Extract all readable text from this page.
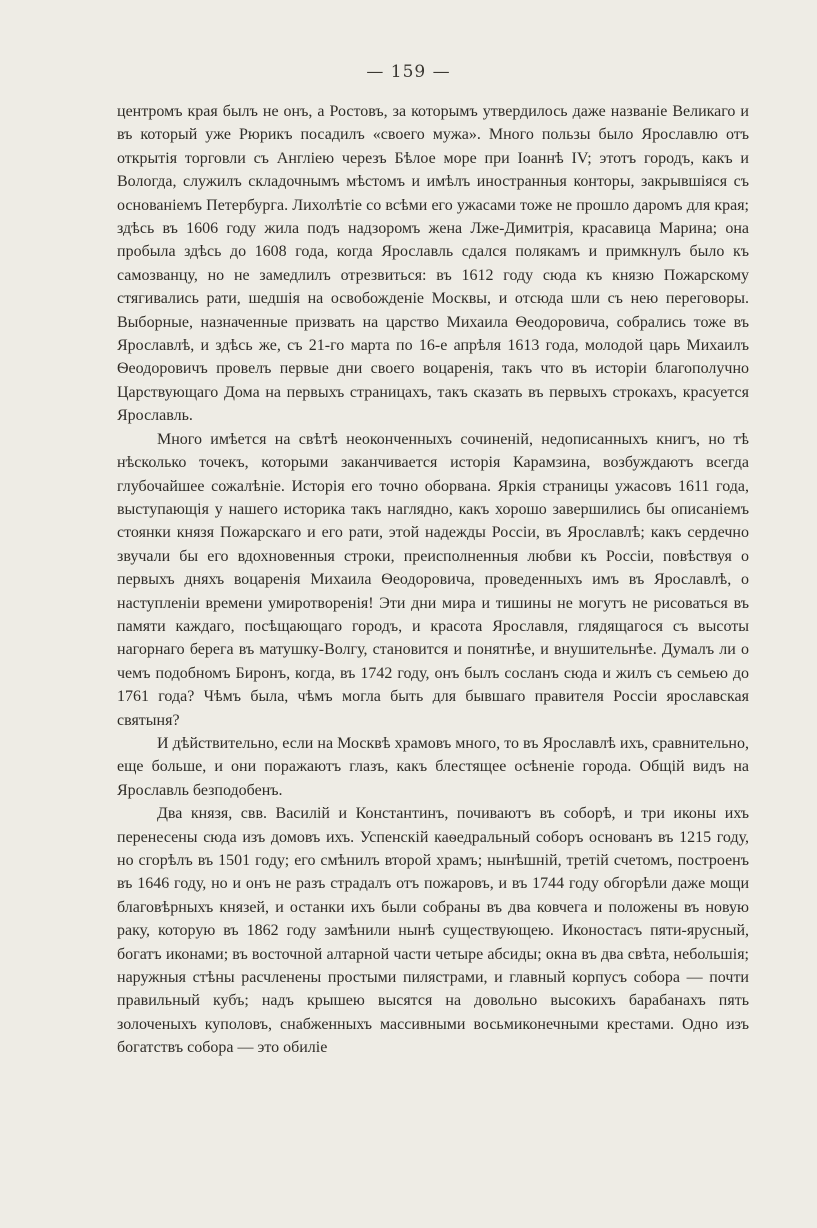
— 159 —

центромъ края былъ не онъ, а Ростовъ, за которымъ утвердилось даже названіе Великаго и въ который уже Рюрикъ посадилъ «своего мужа». Много пользы было Ярославлю отъ открытія торговли съ Англіею черезъ Бѣлое море при Іоаннѣ IV; этотъ городъ, какъ и Вологда, служилъ складочнымъ мѣстомъ и имѣлъ иностранныя конторы, закрывшіяся съ основаніемъ Петербурга. Лихолѣтіе со всѣми его ужасами тоже не прошло даромъ для края; здѣсь въ 1606 году жила подъ надзоромъ жена Лже-Димитрія, красавица Марина; она пробыла здѣсь до 1608 года, когда Ярославль сдался полякамъ и примкнулъ было къ самозванцу, но не замедлилъ отрезвиться: въ 1612 году сюда къ князю Пожарскому стягивались рати, шедшія на освобожденіе Москвы, и отсюда шли съ нею переговоры. Выборные, назначенные призвать на царство Михаила Ѳеодоровича, собрались тоже въ Ярославлѣ, и здѣсь же, съ 21-го марта по 16-е апрѣля 1613 года, молодой царь Михаилъ Ѳеодоровичъ провелъ первые дни своего воцаренія, такъ что въ исторіи благополучно Царствующаго Дома на первыхъ страницахъ, такъ сказать въ первыхъ строкахъ, красуется Ярославль.

Много имѣется на свѣтѣ неоконченныхъ сочиненій, недописанныхъ книгъ, но тѣ нѣсколько точекъ, которыми заканчивается исторія Карамзина, возбуждаютъ всегда глубочайшее сожалѣніе. Исторія его точно оборвана. Яркія страницы ужасовъ 1611 года, выступающія у нашего историка такъ наглядно, какъ хорошо завершились бы описаніемъ стоянки князя Пожарскаго и его рати, этой надежды Россіи, въ Ярославлѣ; какъ сердечно звучали бы его вдохновенныя строки, преисполненныя любви къ Россіи, повѣствуя о первыхъ дняхъ воцаренія Михаила Ѳеодоровича, проведенныхъ имъ въ Ярославлѣ, о наступленіи времени умиротворенія! Эти дни мира и тишины не могутъ не рисоваться въ памяти каждаго, посѣщающаго городъ, и красота Ярославля, глядящагося съ высоты нагорнаго берега въ матушку-Волгу, становится и понятнѣе, и внушительнѣе. Думалъ ли о чемъ подобномъ Биронъ, когда, въ 1742 году, онъ былъ сосланъ сюда и жилъ съ семьею до 1761 года? Чѣмъ была, чѣмъ могла быть для бывшаго правителя Россіи ярославская святыня?

И дѣйствительно, если на Москвѣ храмовъ много, то въ Ярославлѣ ихъ, сравнительно, еще больше, и они поражаютъ глазъ, какъ блестящее осѣненіе города. Общій видъ на Ярославль безподобенъ.

Два князя, свв. Василій и Константинъ, почиваютъ въ соборѣ, и три иконы ихъ перенесены сюда изъ домовъ ихъ. Успенскій каѳедральный соборъ основанъ въ 1215 году, но сгорѣлъ въ 1501 году; его смѣнилъ второй храмъ; нынѣшній, третій счетомъ, построенъ въ 1646 году, но и онъ не разъ страдалъ отъ пожаровъ, и въ 1744 году обгорѣли даже мощи благовѣрныхъ князей, и останки ихъ были собраны въ два ковчега и положены въ новую раку, которую въ 1862 году замѣнили нынѣ существующею. Иконостасъ пяти-ярусный, богатъ иконами; въ восточной алтарной части четыре абсиды; окна въ два свѣта, небольшія; наружныя стѣны расчленены простыми пилястрами, и главный корпусъ собора — почти правильный кубъ; надъ крышею высятся на довольно высокихъ барабанахъ пять золоченыхъ куполовъ, снабженныхъ массивными восьмиконечными крестами. Одно изъ богатствъ собора — это обиліе
